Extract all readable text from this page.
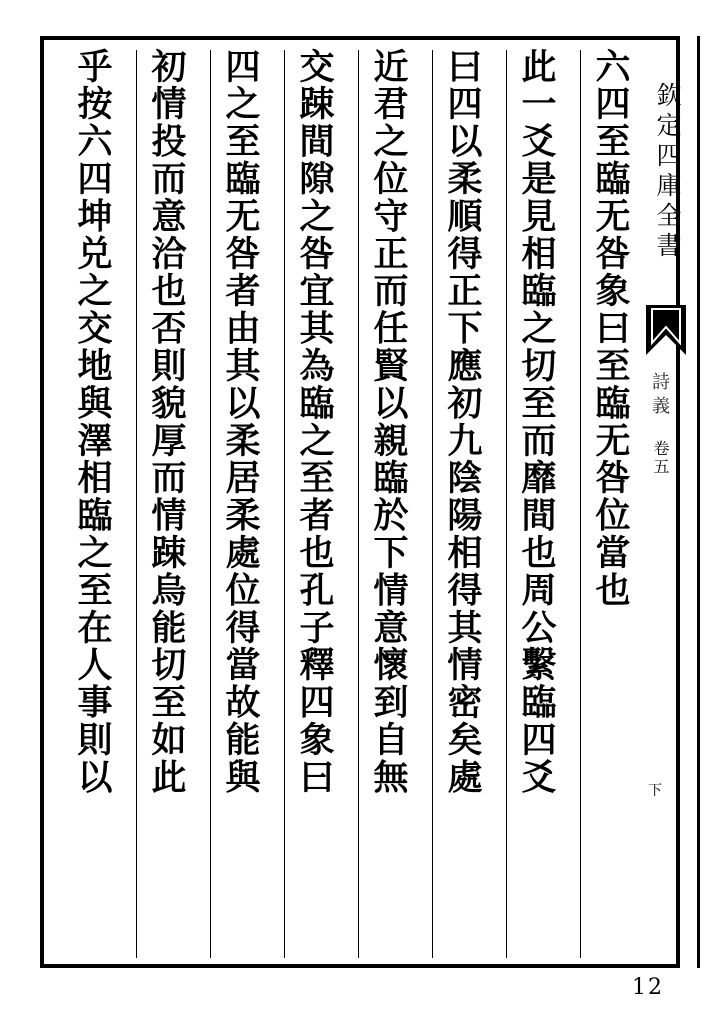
六四至臨无咎象曰至臨无咎位當也
此一爻是見相臨之切至而靡間也周公繫臨四爻
曰四以柔順得正下應初九陰陽相得其情密矣處
近君之位守正而任賢以親臨於下情意懷到自無
交踈間隙之咎宜其為臨之至者也孔子釋四象曰
四之至臨无咎者由其以柔居柔處位得當故能與
初情投而意洽也否則貌厚而情踈烏能切至如此
乎按六四坤兑之交地與澤相臨之至在人事則以	欽定四庫全書
詩義
卷五
下
12
